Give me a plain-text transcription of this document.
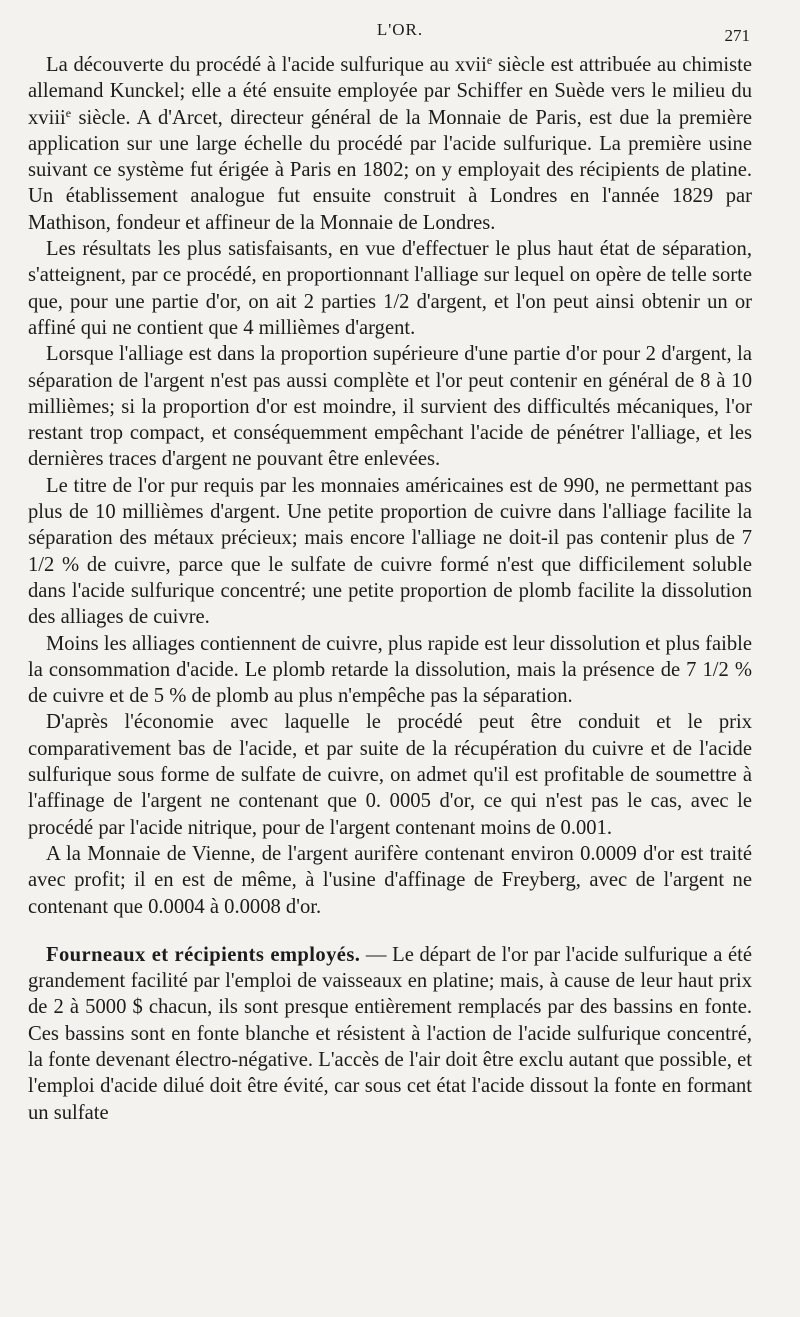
L'OR.	271

La découverte du procédé à l'acide sulfurique au xvii$^e$ siècle est attribuée au chimiste allemand Kunckel; elle a été ensuite employée par Schiffer en Suède vers le milieu du xviii$^e$ siècle. A d'Arcet, directeur général de la Monnaie de Paris, est due la première application sur une large échelle du procédé par l'acide sulfurique. La première usine suivant ce système fut érigée à Paris en 1802; on y employait des récipients de platine. Un établissement analogue fut ensuite construit à Londres en l'année 1829 par Mathison, fondeur et affineur de la Monnaie de Londres.

Les résultats les plus satisfaisants, en vue d'effectuer le plus haut état de séparation, s'atteignent, par ce procédé, en proportionnant l'alliage sur lequel on opère de telle sorte que, pour une partie d'or, on ait 2 parties 1/2 d'argent, et l'on peut ainsi obtenir un or affiné qui ne contient que 4 millièmes d'argent.

Lorsque l'alliage est dans la proportion supérieure d'une partie d'or pour 2 d'argent, la séparation de l'argent n'est pas aussi complète et l'or peut contenir en général de 8 à 10 millièmes; si la proportion d'or est moindre, il survient des difficultés mécaniques, l'or restant trop compact, et conséquemment empêchant l'acide de pénétrer l'alliage, et les dernières traces d'argent ne pouvant être enlevées.

Le titre de l'or pur requis par les monnaies américaines est de 990, ne permettant pas plus de 10 millièmes d'argent. Une petite proportion de cuivre dans l'alliage facilite la séparation des métaux précieux; mais encore l'alliage ne doit-il pas contenir plus de 7 1/2 % de cuivre, parce que le sulfate de cuivre formé n'est que difficilement soluble dans l'acide sulfurique concentré; une petite proportion de plomb facilite la dissolution des alliages de cuivre.

Moins les alliages contiennent de cuivre, plus rapide est leur dissolution et plus faible la consommation d'acide. Le plomb retarde la dissolution, mais la présence de 7 1/2 % de cuivre et de 5 % de plomb au plus n'empêche pas la séparation.

D'après l'économie avec laquelle le procédé peut être conduit et le prix comparativement bas de l'acide, et par suite de la récupération du cuivre et de l'acide sulfurique sous forme de sulfate de cuivre, on admet qu'il est profitable de soumettre à l'affinage de l'argent ne contenant que 0. 0005 d'or, ce qui n'est pas le cas, avec le procédé par l'acide nitrique, pour de l'argent contenant moins de 0.001.

A la Monnaie de Vienne, de l'argent aurifère contenant environ 0.0009 d'or est traité avec profit; il en est de même, à l'usine d'affinage de Freyberg, avec de l'argent ne contenant que 0.0004 à 0.0008 d'or.

Fourneaux et récipients employés. — Le départ de l'or par l'acide sulfurique a été grandement facilité par l'emploi de vaisseaux en platine; mais, à cause de leur haut prix de 2 à 5000 $ chacun, ils sont presque entièrement remplacés par des bassins en fonte. Ces bassins sont en fonte blanche et résistent à l'action de l'acide sulfurique concentré, la fonte devenant électro-négative. L'accès de l'air doit être exclu autant que possible, et l'emploi d'acide dilué doit être évité, car sous cet état l'acide dissout la fonte en formant un sulfate
